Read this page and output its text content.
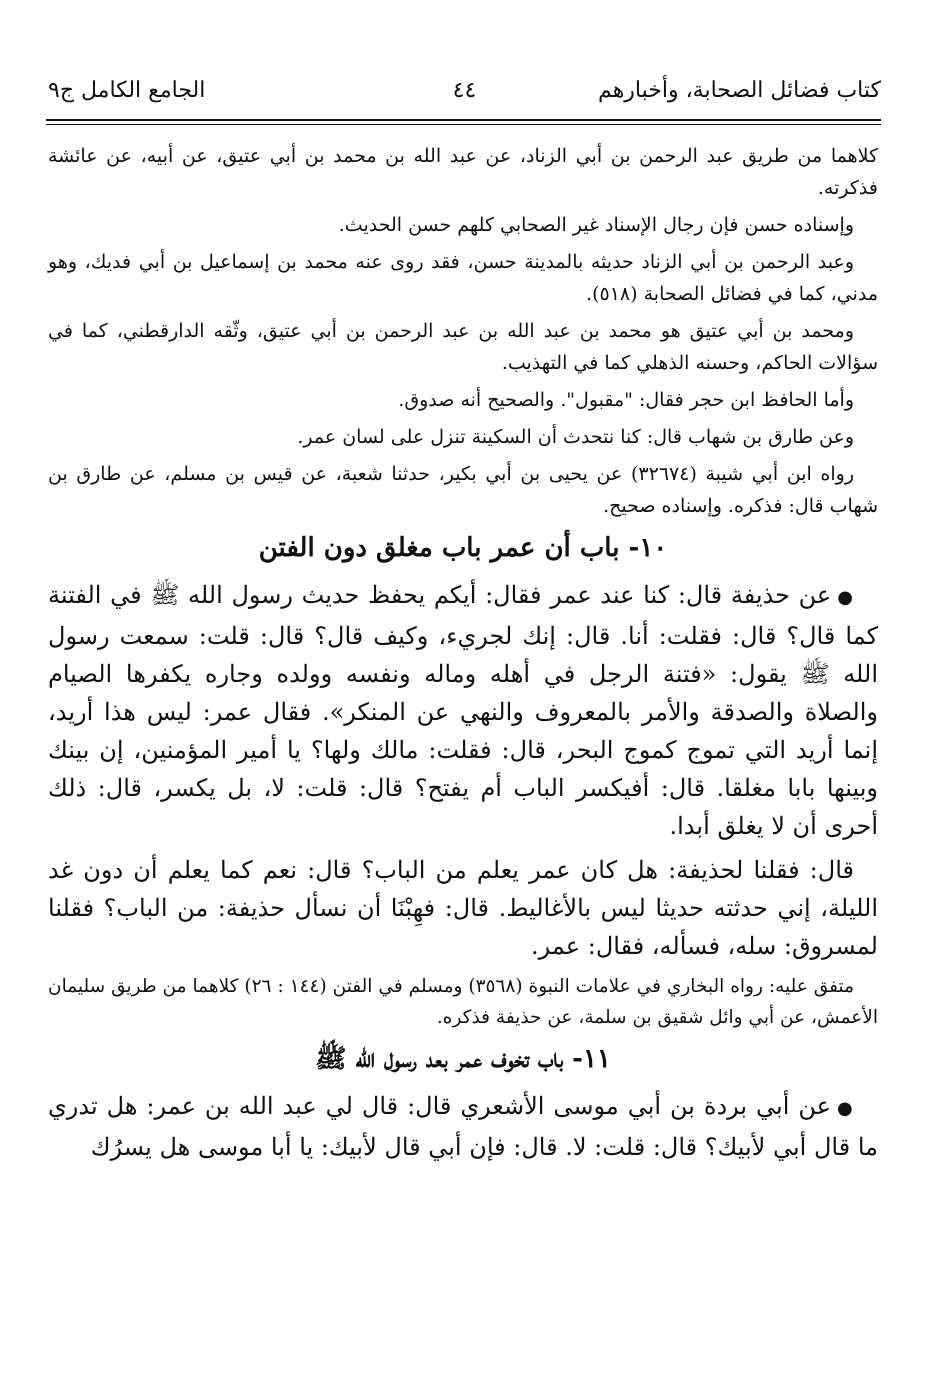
كتاب فضائل الصحابة، وأخبارهم
٤٤
الجامع الكامل ج٩

كلاهما من طريق عبد الرحمن بن أبي الزناد، عن عبد الله بن محمد بن أبي عتيق، عن أبيه، عن عائشة فذكرته.

وإسناده حسن فإن رجال الإسناد غير الصحابي كلهم حسن الحديث.

وعبد الرحمن بن أبي الزناد حديثه بالمدينة حسن، فقد روى عنه محمد بن إسماعيل بن أبي فديك، وهو مدني، كما في فضائل الصحابة (٥١٨).

ومحمد بن أبي عتيق هو محمد بن عبد الله بن عبد الرحمن بن أبي عتيق، وثّقه الدارقطني، كما في سؤالات الحاكم، وحسنه الذهلي كما في التهذيب.

وأما الحافظ ابن حجر فقال: "مقبول". والصحيح أنه صدوق.

وعن طارق بن شهاب قال: كنا نتحدث أن السكينة تنزل على لسان عمر.

رواه ابن أبي شيبة (٣٢٦٧٤) عن يحيى بن أبي بكير، حدثنا شعبة، عن قيس بن مسلم، عن طارق بن شهاب قال: فذكره. وإسناده صحيح.

١٠- باب أن عمر باب مغلق دون الفتن

●عن حذيفة قال: كنا عند عمر فقال: أيكم يحفظ حديث رسول الله ﷺ في الفتنة كما قال؟ قال: فقلت: أنا. قال: إنك لجريء، وكيف قال؟ قال: قلت: سمعت رسول الله ﷺ يقول: «فتنة الرجل في أهله وماله ونفسه وولده وجاره يكفرها الصيام والصلاة والصدقة والأمر بالمعروف والنهي عن المنكر». فقال عمر: ليس هذا أريد، إنما أريد التي تموج كموج البحر، قال: فقلت: مالك ولها؟ يا أمير المؤمنين، إن بينك وبينها بابا مغلقا. قال: أفيكسر الباب أم يفتح؟ قال: قلت: لا، بل يكسر، قال: ذلك أحرى أن لا يغلق أبدا.

قال: فقلنا لحذيفة: هل كان عمر يعلم من الباب؟ قال: نعم كما يعلم أن دون غد الليلة، إني حدثته حديثا ليس بالأغاليط. قال: فهِبْنَا أن نسأل حذيفة: من الباب؟ فقلنا لمسروق: سله، فسأله، فقال: عمر.

متفق عليه: رواه البخاري في علامات النبوة (٣٥٦٨) ومسلم في الفتن (١٤٤ : ٢٦) كلاهما من طريق سليمان الأعمش، عن أبي وائل شقيق بن سلمة، عن حذيفة فذكره.

١١- باب تخوف عمر بعد رسول الله ﷺ

●عن أبي بردة بن أبي موسى الأشعري قال: قال لي عبد الله بن عمر: هل تدري ما قال أبي لأبيك؟ قال: قلت: لا. قال: فإن أبي قال لأبيك: يا أبا موسى هل يسرُك
